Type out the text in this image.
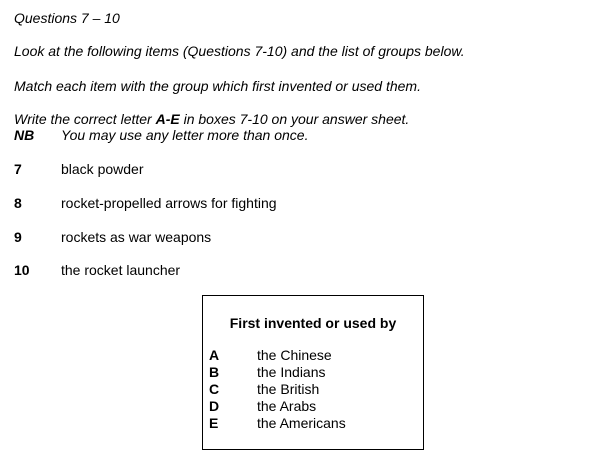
Questions 7 – 10
Look at the following items (Questions 7-10) and the list of groups below.
Match each item with the group which first invented or used them.
Write the correct letter A-E in boxes 7-10 on your answer sheet.
NB You may use any letter more than once.
7	black powder
8	rocket-propelled arrows for fighting
9	rockets as war weapons
10 the rocket launcher
First invented or used by
A	the Chinese
B	the Indians
C	the British
D	the Arabs
E	the Americans
